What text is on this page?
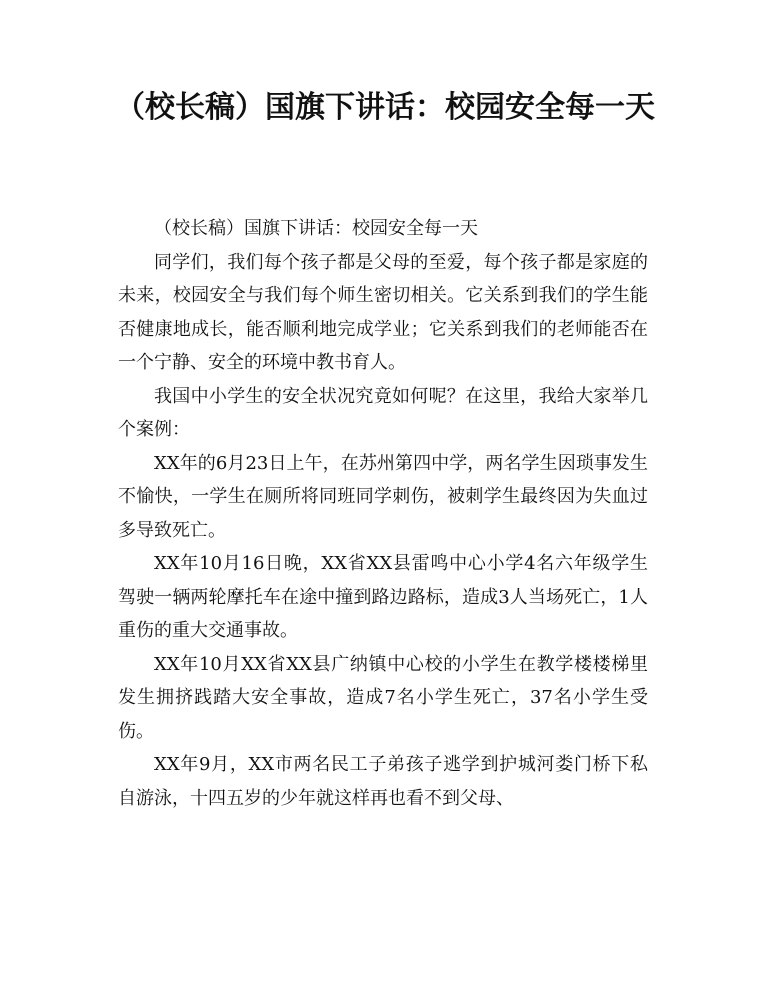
（校长稿）国旗下讲话：校园安全每一天

（校长稿）国旗下讲话：校园安全每一天

同学们，我们每个孩子都是父母的至爱，每个孩子都是家庭的未来，校园安全与我们每个师生密切相关。它关系到我们的学生能否健康地成长，能否顺利地完成学业；它关系到我们的老师能否在一个宁静、安全的环境中教书育人。

我国中小学生的安全状况究竟如何呢？在这里，我给大家举几个案例：

XX年的6月23日上午，在苏州第四中学，两名学生因琐事发生不愉快，一学生在厕所将同班同学刺伤，被刺学生最终因为失血过多导致死亡。

XX年10月16日晚，XX省XX县雷鸣中心小学4名六年级学生驾驶一辆两轮摩托车在途中撞到路边路标，造成3人当场死亡，1人重伤的重大交通事故。

XX年10月XX省XX县广纳镇中心校的小学生在教学楼楼梯里发生拥挤践踏大安全事故，造成7名小学生死亡，37名小学生受伤。

XX年9月，XX市两名民工子弟孩子逃学到护城河娄门桥下私自游泳，十四五岁的少年就这样再也看不到父母、
